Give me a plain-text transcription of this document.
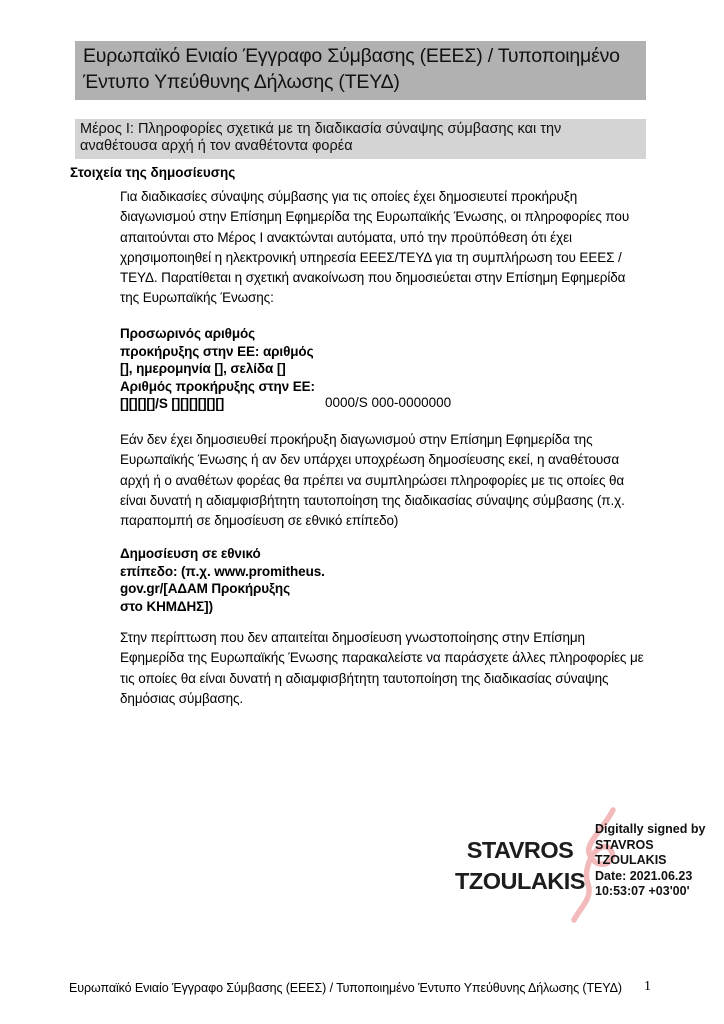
Ευρωπαϊκό Ενιαίο Έγγραφο Σύμβασης (ΕΕΕΣ) / Τυποποιημένο Έντυπο Υπεύθυνης Δήλωσης (ΤΕΥΔ)
Μέρος Ι: Πληροφορίες σχετικά με τη διαδικασία σύναψης σύμβασης και την αναθέτουσα αρχή ή τον αναθέτοντα φορέα
Στοιχεία της δημοσίευσης
Για διαδικασίες σύναψης σύμβασης για τις οποίες έχει δημοσιευτεί προκήρυξη διαγωνισμού στην Επίσημη Εφημερίδα της Ευρωπαϊκής Ένωσης, οι πληροφορίες που απαιτούνται στο Μέρος Ι ανακτώνται αυτόματα, υπό την προϋπόθεση ότι έχει χρησιμοποιηθεί η ηλεκτρονική υπηρεσία ΕΕΕΣ/ΤΕΥΔ για τη συμπλήρωση του ΕΕΕΣ /ΤΕΥΔ. Παρατίθεται η σχετική ανακοίνωση που δημοσιεύεται στην Επίσημη Εφημερίδα της Ευρωπαϊκής Ένωσης:
Προσωρινός αριθμός
προκήρυξης στην ΕΕ: αριθμός
[], ημερομηνία [], σελίδα []
Αριθμός προκήρυξης στην ΕΕ:
[][][][]/S [][][][][][]	0000/S 000-0000000
Εάν δεν έχει δημοσιευθεί προκήρυξη διαγωνισμού στην Επίσημη Εφημερίδα της Ευρωπαϊκής Ένωσης ή αν δεν υπάρχει υποχρέωση δημοσίευσης εκεί, η αναθέτουσα αρχή ή ο αναθέτων φορέας θα πρέπει να συμπληρώσει πληροφορίες με τις οποίες θα είναι δυνατή η αδιαμφισβήτητη ταυτοποίηση της διαδικασίας σύναψης σύμβασης (π.χ. παραπομπή σε δημοσίευση σε εθνικό επίπεδο)
Δημοσίευση σε εθνικό
επίπεδο: (π.χ. www.promitheus.
gov.gr/[ΑΔΑΜ Προκήρυξης
στο ΚΗΜΔΗΣ])
Στην περίπτωση που δεν απαιτείται δημοσίευση γνωστοποίησης στην Επίσημη Εφημερίδα της Ευρωπαϊκής Ένωσης παρακαλείστε να παράσχετε άλλες πληροφορίες με τις οποίες θα είναι δυνατή η αδιαμφισβήτητη ταυτοποίηση της διαδικασίας σύναψης δημόσιας σύμβασης.
STAVROS
TZOULAKIS
Digitally signed by
STAVROS
TZOULAKIS
Date: 2021.06.23
10:53:07 +03'00'
Ευρωπαϊκό Ενιαίο Έγγραφο Σύμβασης (ΕΕΕΣ) / Τυποποιημένο Έντυπο Υπεύθυνης Δήλωσης (ΤΕΥΔ) 1
